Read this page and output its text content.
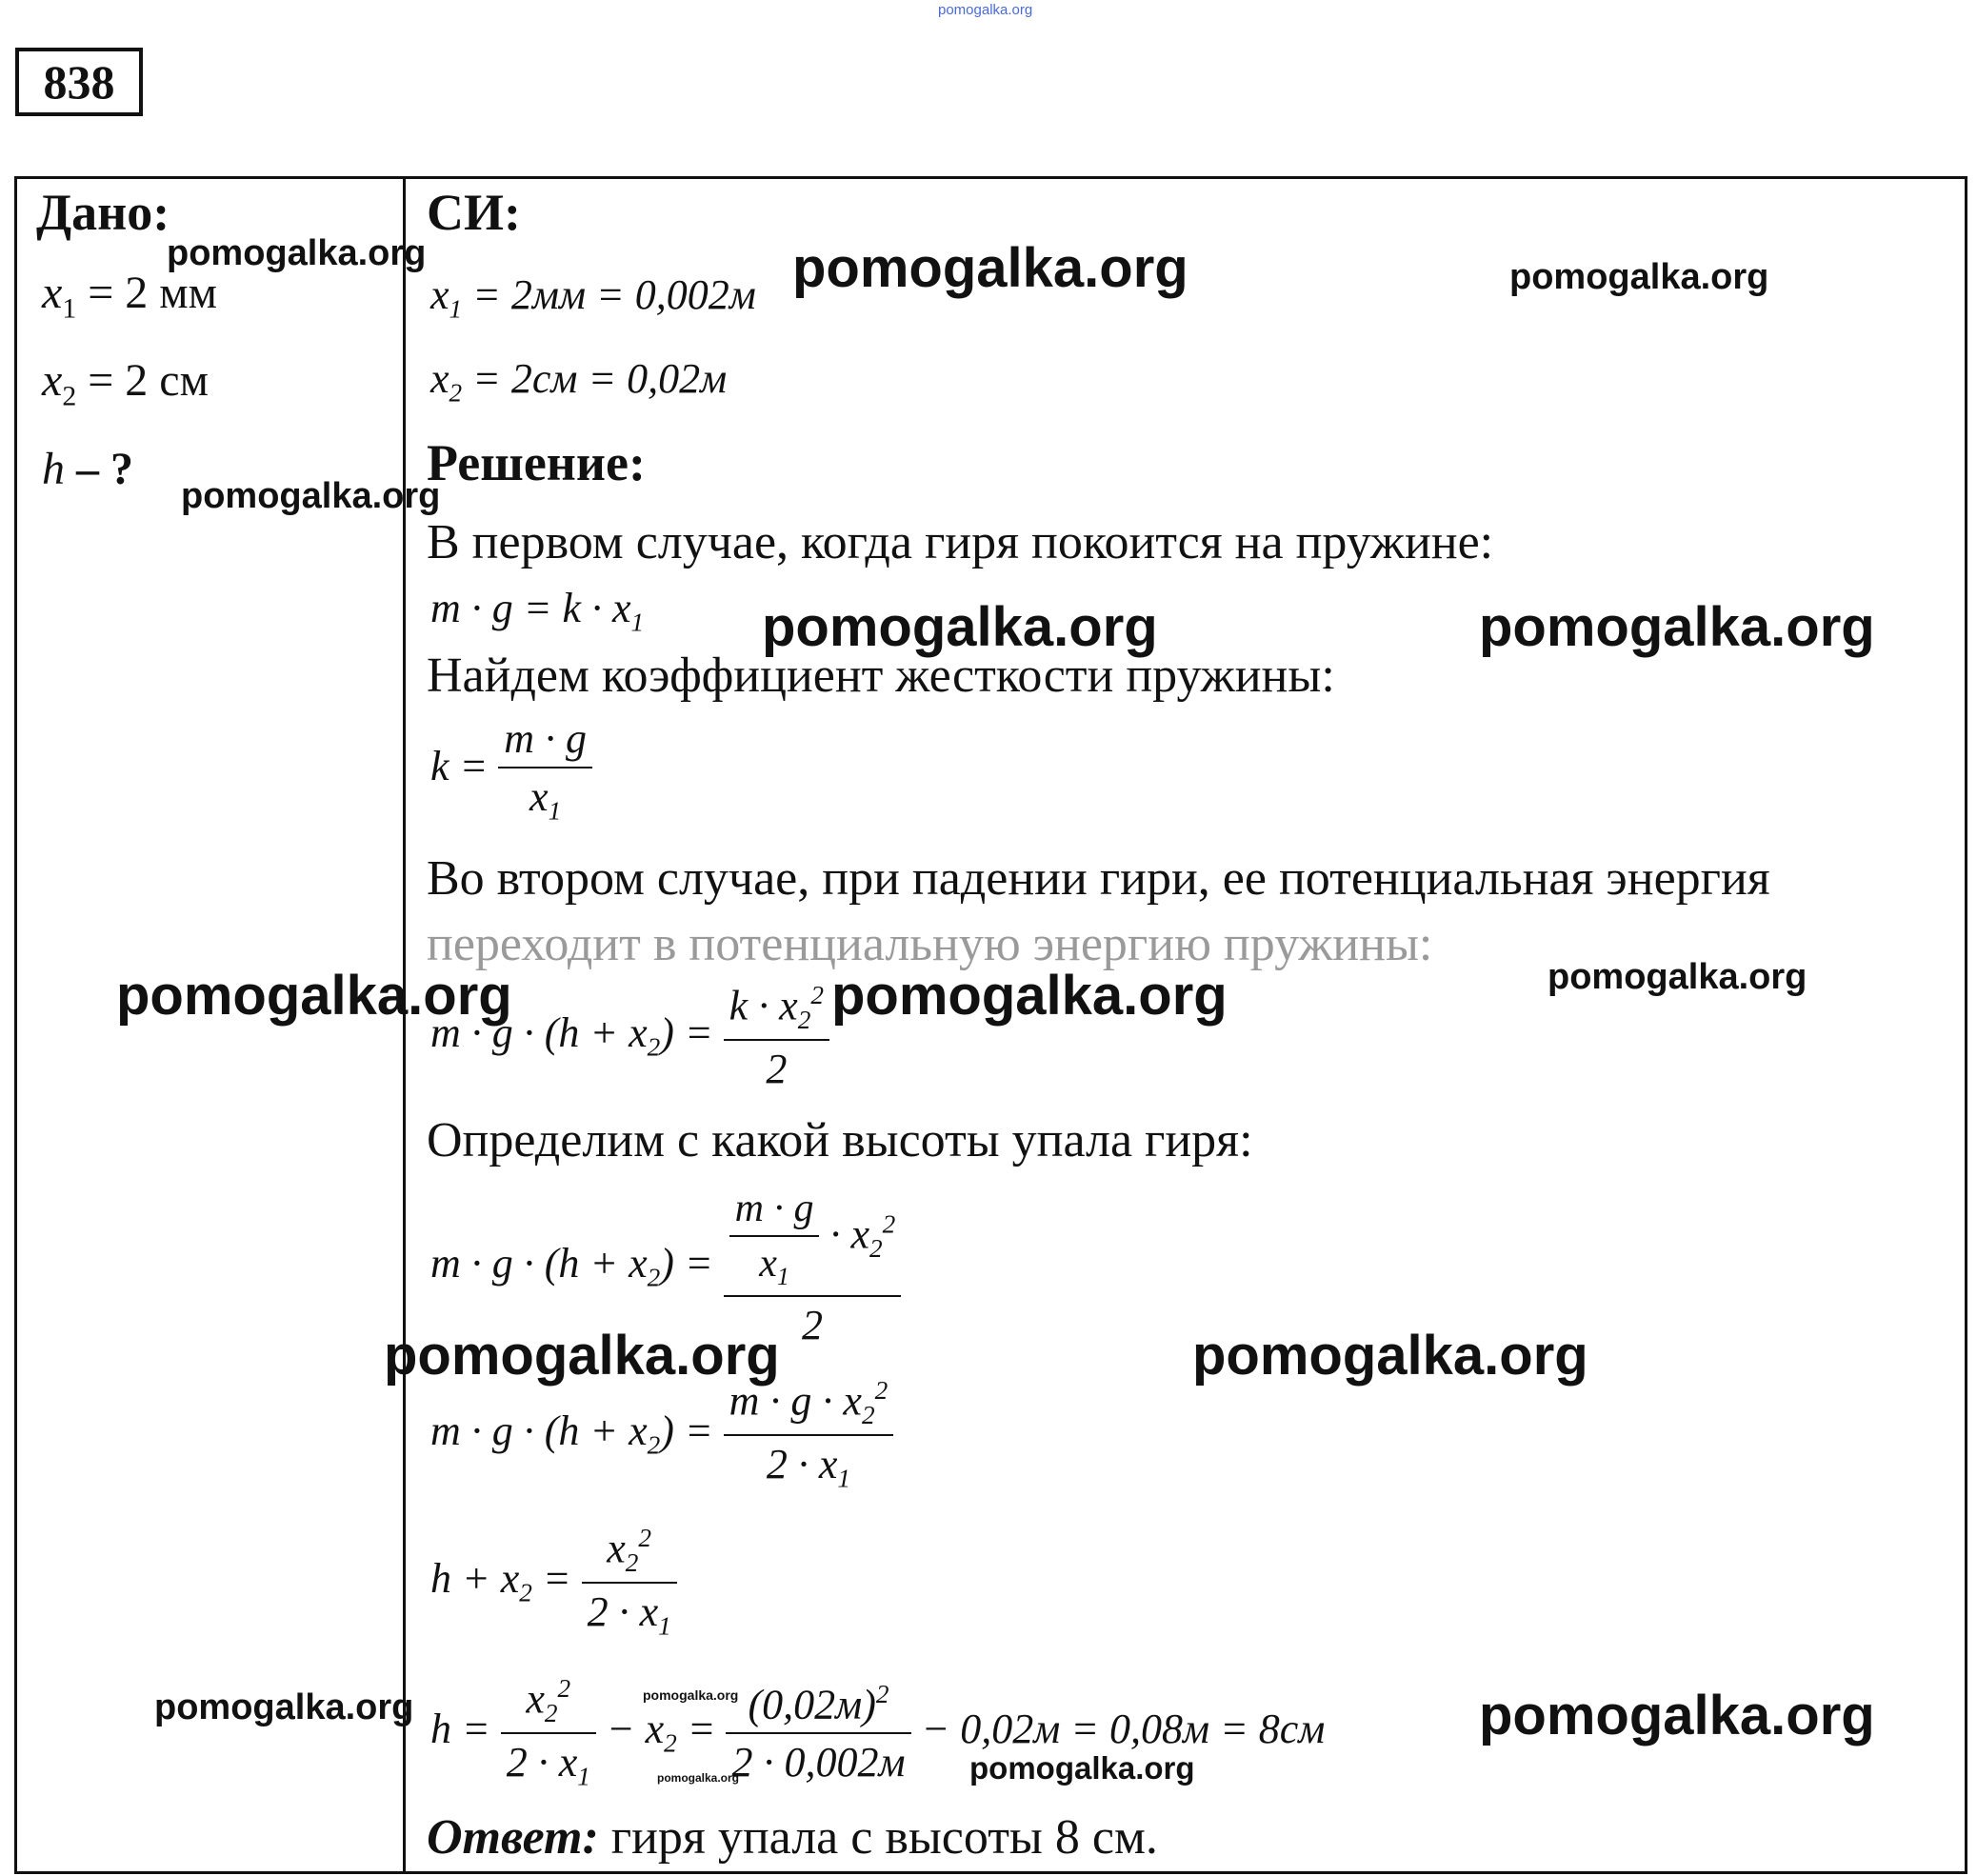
pomogalka.org
838
Дано:
$x_1 = 2$ мм
$x_2 = 2$ см
h – ?
СИ:
$x_1 = 2мм = 0,002м$
$x_2 = 2см = 0,02м$
Решение:
В первом случае, когда гиря покоится на пружине:
$m \cdot g = k \cdot x_1$
Найдем коэффициент жесткости пружины:
$k = \frac{m \cdot g}{x_1}$
Во втором случае, при падении гири, ее потенциальная энергия
переходит в потенциальную энергию пружины:
$m \cdot g \cdot (h + x_2) = \frac{k \cdot x_2^2}{2}$
Определим с какой высоты упала гиря:
$m \cdot g \cdot (h + x_2) = \frac{\frac{m \cdot g}{x_1} \cdot x_2^2}{2}$
$m \cdot g \cdot (h + x_2) = \frac{m \cdot g \cdot x_2^2}{2 \cdot x_1}$
$h + x_2 = \frac{x_2^2}{2 \cdot x_1}$
$h = \frac{x_2^2}{2 \cdot x_1} - x_2 = \frac{(0,02м)^2}{2 \cdot 0,002м} - 0,02м = 0,08м = 8см$
Ответ: гиря упала с высоты 8 см.
pomogalka.org	pomogalka.org	pomogalka.org
pomogalka.org
pomogalka.org	pomogalka.org
pomogalka.org	pomogalka.org	pomogalka.org
pomogalka.org	pomogalka.org
pomogalka.org	pomogalka.org
pomogalka.org
pomogalka.org
pomogalka.org
